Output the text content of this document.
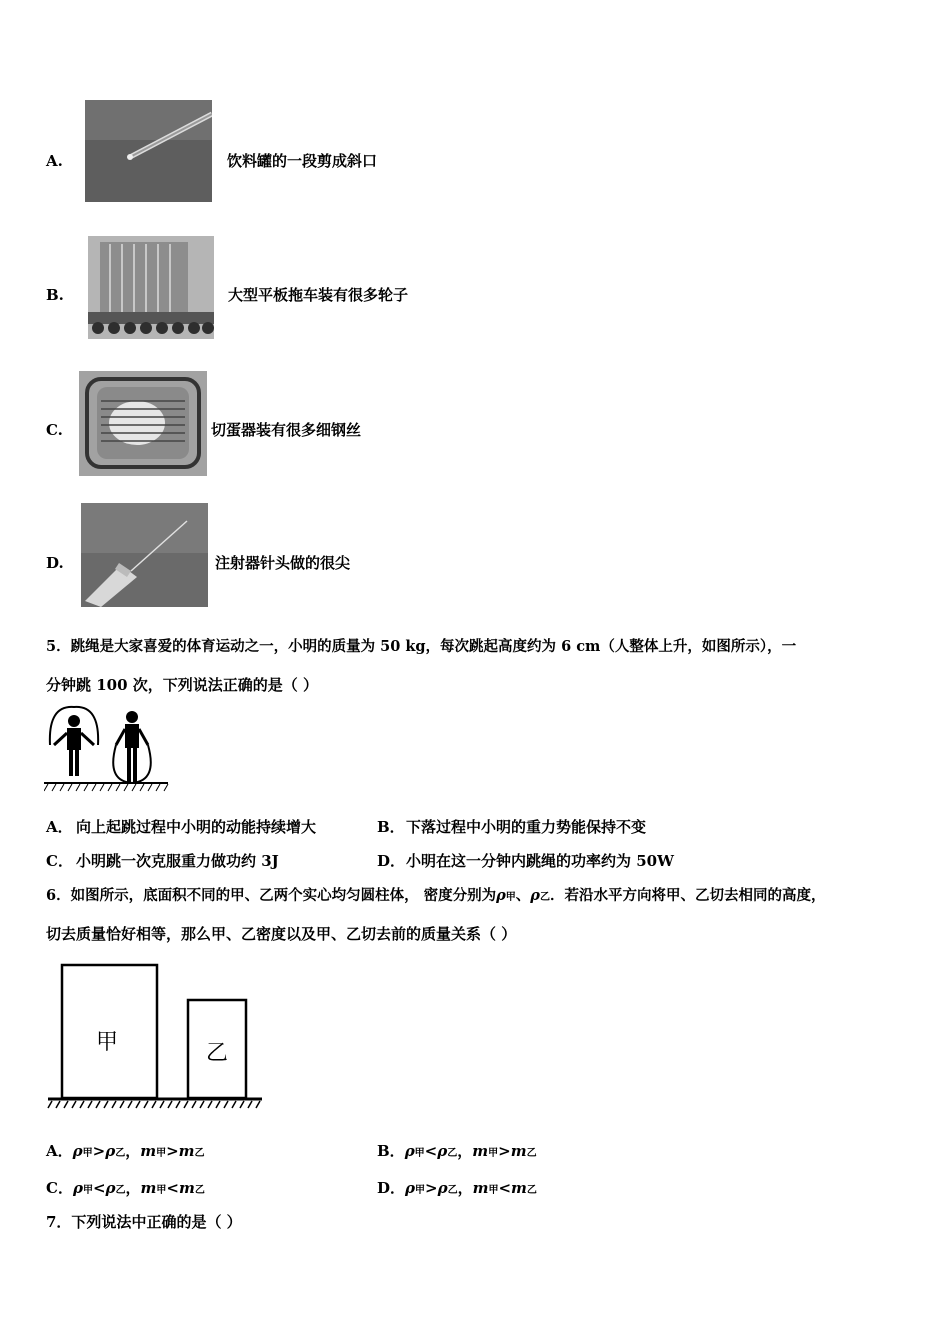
A.	饮料罐的一段剪成斜口
B.	大型平板拖车装有很多轮子
C.	切蛋器装有很多细钢丝
D.	注射器针头做的很尖
5．跳绳是大家喜爱的体育运动之一，小明的质量为 50 kg，每次跳起高度约为 6 cm（人整体上升，如图所示），一
分钟跳 100 次，下列说法正确的是（ ）
A． 向上起跳过程中小明的动能持续增大	B． 下落过程中小明的重力势能保持不变
C． 小明跳一次克服重力做功约 3J	D． 小明在这一分钟内跳绳的功率约为 50W
6．如图所示，底面积不同的甲、乙两个实心均匀圆柱体， 密度分别为ρ甲、ρ乙．若沿水平方向将甲、乙切去相同的高度，
切去质量恰好相等，那么甲、乙密度以及甲、乙切去前的质量关系（ ）
甲	乙
A．ρ甲>ρ乙，m甲>m乙	B．ρ甲<ρ乙，m甲>m乙
C．ρ甲<ρ乙，m甲<m乙	D．ρ甲>ρ乙，m甲<m乙
7．下列说法中正确的是（ ）
